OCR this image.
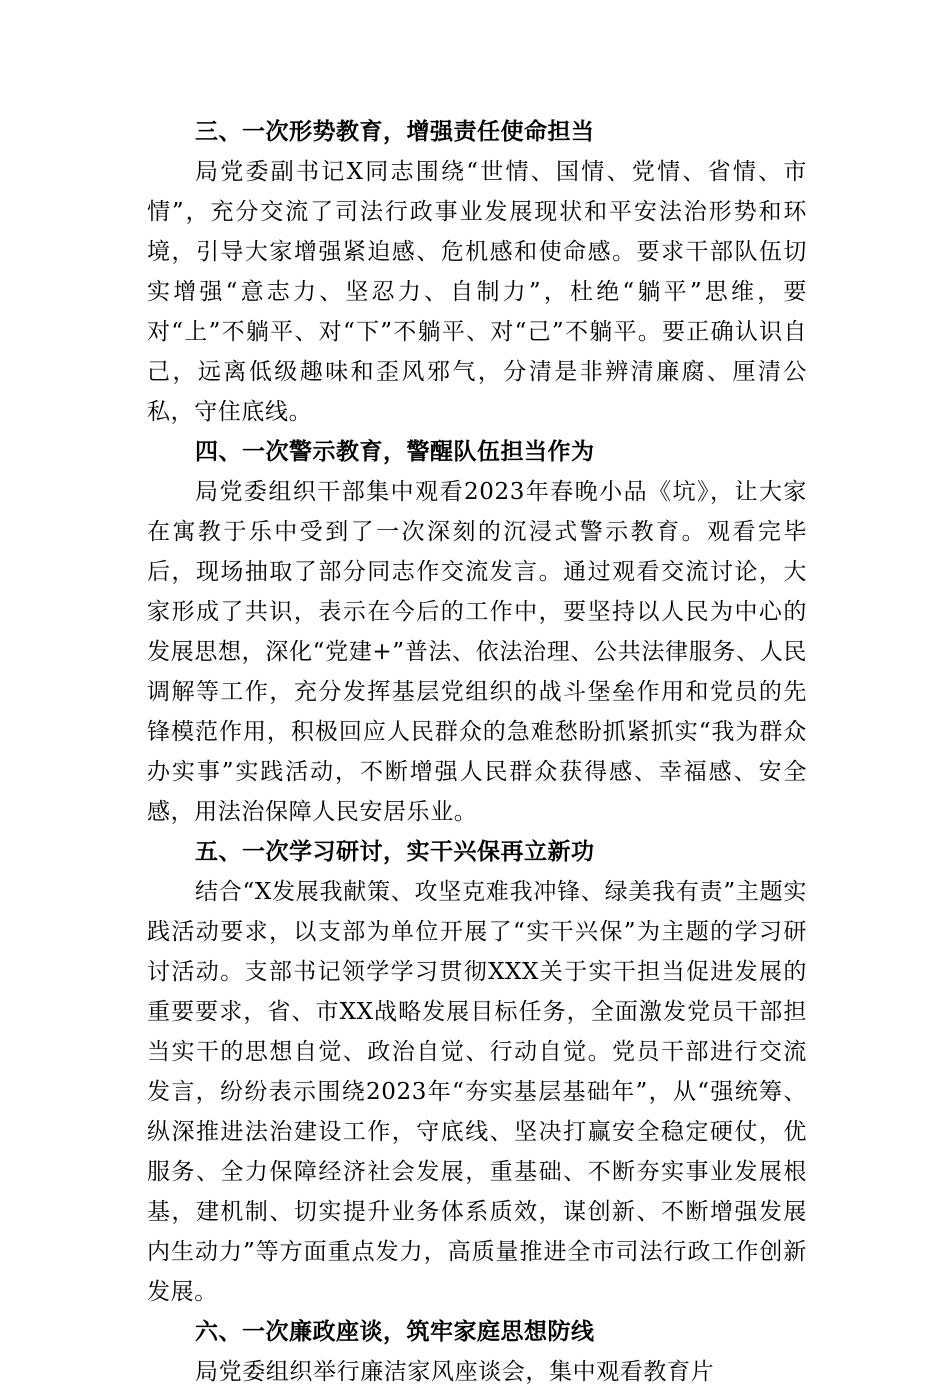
三、一次形势教育，增强责任使命担当

局党委副书记X同志围绕“世情、国情、党情、省情、市情”，充分交流了司法行政事业发展现状和平安法治形势和环境，引导大家增强紧迫感、危机感和使命感。要求干部队伍切实增强“意志力、坚忍力、自制力”，杜绝“躺平”思维，要对“上”不躺平、对“下”不躺平、对“己”不躺平。要正确认识自己，远离低级趣味和歪风邪气，分清是非辨清廉腐、厘清公私，守住底线。

四、一次警示教育，警醒队伍担当作为

局党委组织干部集中观看2023年春晚小品《坑》，让大家在寓教于乐中受到了一次深刻的沉浸式警示教育。观看完毕后，现场抽取了部分同志作交流发言。通过观看交流讨论，大家形成了共识，表示在今后的工作中，要坚持以人民为中心的发展思想，深化“党建+”普法、依法治理、公共法律服务、人民调解等工作，充分发挥基层党组织的战斗堡垒作用和党员的先锋模范作用，积极回应人民群众的急难愁盼抓紧抓实“我为群众办实事”实践活动，不断增强人民群众获得感、幸福感、安全感，用法治保障人民安居乐业。

五、一次学习研讨，实干兴保再立新功

结合“X发展我献策、攻坚克难我冲锋、绿美我有责”主题实践活动要求，以支部为单位开展了“实干兴保”为主题的学习研讨活动。支部书记领学学习贯彻XXX关于实干担当促进发展的重要要求，省、市XX战略发展目标任务，全面激发党员干部担当实干的思想自觉、政治自觉、行动自觉。党员干部进行交流发言，纷纷表示围绕2023年“夯实基层基础年”，从“强统筹、纵深推进法治建设工作，守底线、坚决打赢安全稳定硬仗，优服务、全力保障经济社会发展，重基础、不断夯实事业发展根基，建机制、切实提升业务体系质效，谋创新、不断增强发展内生动力”等方面重点发力，高质量推进全市司法行政工作创新发展。

六、一次廉政座谈，筑牢家庭思想防线

局党委组织举行廉洁家风座谈会，集中观看教育片
